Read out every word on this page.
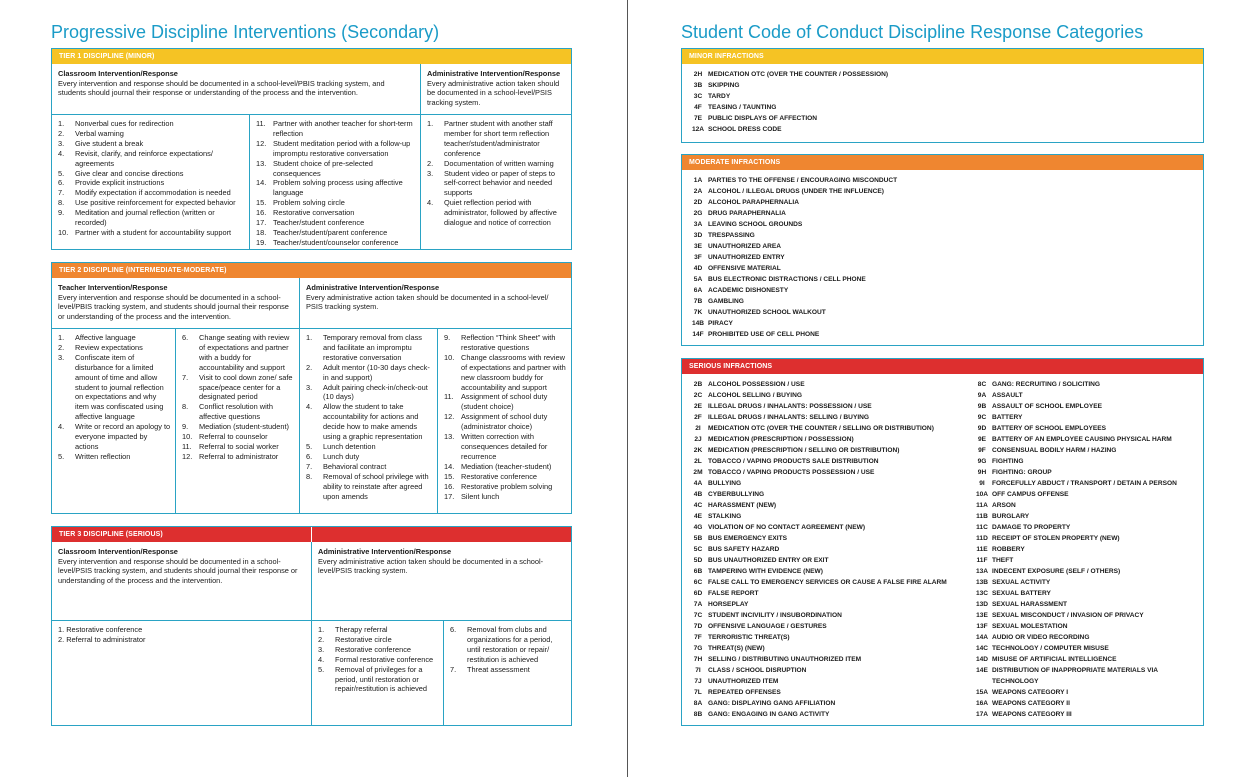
Progressive Discipline Interventions (Secondary)
TIER 1 DISCIPLINE (MINOR)
Classroom Intervention/Response
Every intervention and response should be documented in a school-level/PBIS tracking system, and students should journal their response or understanding of the process and the intervention.
Administrative Intervention/Response
Every administrative action taken should be documented in a school-level/PSIS tracking system.
1.	Nonverbal cues for redirection
2.	Verbal warning
3.	Give student a break
4.	Revisit, clarify, and reinforce expectations/ agreements
5.	Give clear and concise directions
6.	Provide explicit instructions
7.	Modify expectation if accommodation is needed
8.	Use positive reinforcement for expected behavior
9.	Meditation and journal reflection (written or recorded)
10. Partner with a student for accountability support
11. Partner with another teacher for short-term reflection
12. Student meditation period with a follow-up impromptu restorative conversation
13. Student choice of pre-selected consequences
14. Problem solving process using affective language
15. Problem solving circle
16. Restorative conversation
17. Teacher/student conference
18. Teacher/student/parent conference
19. Teacher/student/counselor conference
1.	Partner student with another staff member for short term reflection teacher/student/administrator conference
2.	Documentation of written warning
3.	Student video or paper of steps to self-correct behavior and needed supports
4.	Quiet reflection period with administrator, followed by affective dialogue and notice of correction
TIER 2 DISCIPLINE (INTERMEDIATE-MODERATE)
Teacher Intervention/Response
Every intervention and response should be documented in a school-level/PBIS tracking system, and students should journal their response or understanding of the process and the intervention.
Administrative Intervention/Response
Every administrative action taken should be documented in a school-level/ PSIS tracking system.
1.	Affective language
2.	Review expectations
3.	Confiscate item of disturbance for a limited amount of time and allow student to journal reflection on expectations and why item was confiscated using affective language
4.	Write or record an apology to everyone impacted by actions
5.	Written reflection
6.	Change seating with review of expectations and partner with a buddy for accountability and support
7.	Visit to cool down zone/ safe space/peace center for a designated period
8.	Conflict resolution with affective questions
9.	Mediation (student-student)
10. Referral to counselor
11. Referral to social worker
12. Referral to administrator
1.	Temporary removal from class and facilitate an impromptu restorative conversation
2.	Adult mentor (10-30 days check-in and support)
3.	Adult pairing check-in/check-out (10 days)
4.	Allow the student to take accountability for actions and decide how to make amends using a graphic representation
5.	Lunch detention
6.	Lunch duty
7.	Behavioral contract
8.	Removal of school privilege with ability to reinstate after agreed upon amends
9.	Reflection “Think Sheet” with restorative questions
10. Change classrooms with review of expectations and partner with new classroom buddy for accountability and support
11. Assignment of school duty (student choice)
12. Assignment of school duty (administrator choice)
13. Written correction with consequences detailed for recurrence
14. Mediation (teacher-student)
15. Restorative conference
16. Restorative problem solving
17. Silent lunch
TIER 3 DISCIPLINE (SERIOUS)
Classroom Intervention/Response
Every intervention and response should be documented in a school-level/PSIS tracking system, and students should journal their response or understanding of the process and the intervention.
Administrative Intervention/Response
Every administrative action taken should be documented in a school-level/PSIS tracking system.
1. Restorative conference
2. Referral to administrator
1.	Therapy referral
2.	Restorative circle
3.	Restorative conference
4.	Formal restorative conference
5.	Removal of privileges for a period, until restoration or repair/restitution is achieved
6.	Removal from clubs and organizations for a period, until restoration or repair/ restitution is achieved
7.	Threat assessment
Student Code of Conduct Discipline Response Categories
MINOR INFRACTIONS
2H MEDICATION OTC (OVER THE COUNTER / POSSESSION)
3B SKIPPING
3C TARDY
4F TEASING / TAUNTING
7E PUBLIC DISPLAYS OF AFFECTION
12A SCHOOL DRESS CODE
MODERATE INFRACTIONS
1A PARTIES TO THE OFFENSE / ENCOURAGING MISCONDUCT
2A ALCOHOL / ILLEGAL DRUGS (UNDER THE INFLUENCE)
2D ALCOHOL PARAPHERNALIA
2G DRUG PARAPHERNALIA
3A LEAVING SCHOOL GROUNDS
3D TRESPASSING
3E UNAUTHORIZED AREA
3F UNAUTHORIZED ENTRY
4D OFFENSIVE MATERIAL
5A BUS ELECTRONIC DISTRACTIONS / CELL PHONE
6A ACADEMIC DISHONESTY
7B GAMBLING
7K UNAUTHORIZED SCHOOL WALKOUT
14B PIRACY
14F PROHIBITED USE OF CELL PHONE
SERIOUS INFRACTIONS
2B ALCOHOL POSSESSION / USE
2C ALCOHOL SELLING / BUYING
2E ILLEGAL DRUGS / INHALANTS: POSSESSION / USE
2F ILLEGAL DRUGS / INHALANTS: SELLING / BUYING
2I	MEDICATION OTC (OVER THE COUNTER / SELLING OR DISTRIBUTION)
2J MEDICATION (PRESCRIPTION / POSSESSION)
2K MEDICATION (PRESCRIPTION / SELLING OR DISTRIBUTION)
2L TOBACCO / VAPING PRODUCTS SALE DISTRIBUTION
2M TOBACCO / VAPING PRODUCTS POSSESSION / USE
4A BULLYING
4B CYBERBULLYING
4C HARASSMENT (NEW)
4E STALKING
4G VIOLATION OF NO CONTACT AGREEMENT (NEW)
5B BUS EMERGENCY EXITS
5C BUS SAFETY HAZARD
5D BUS UNAUTHORIZED ENTRY OR EXIT
6B TAMPERING WITH EVIDENCE (NEW)
6C FALSE CALL TO EMERGENCY SERVICES OR CAUSE A FALSE FIRE ALARM
6D FALSE REPORT
7A HORSEPLAY
7C STUDENT INCIVILITY / INSUBORDINATION
7D OFFENSIVE LANGUAGE / GESTURES
7F TERRORISTIC THREAT(S)
7G THREAT(S) (NEW)
7H SELLING / DISTRIBUTING UNAUTHORIZED ITEM
7I	CLASS / SCHOOL DISRUPTION
7J UNAUTHORIZED ITEM
7L REPEATED OFFENSES
8A GANG: DISPLAYING GANG AFFILIATION
8B GANG: ENGAGING IN GANG ACTIVITY
8C GANG: RECRUITING / SOLICITING
9A ASSAULT
9B ASSAULT OF SCHOOL EMPLOYEE
9C BATTERY
9D BATTERY OF SCHOOL EMPLOYEES
9E BATTERY OF AN EMPLOYEE CAUSING PHYSICAL HARM
9F CONSENSUAL BODILY HARM / HAZING
9G FIGHTING
9H FIGHTING: GROUP
9I	FORCEFULLY ABDUCT / TRANSPORT / DETAIN A PERSON
10A OFF CAMPUS OFFENSE
11A ARSON
11B BURGLARY
11C DAMAGE TO PROPERTY
11D RECEIPT OF STOLEN PROPERTY (NEW)
11E ROBBERY
11F THEFT
13A INDECENT EXPOSURE (SELF / OTHERS)
13B SEXUAL ACTIVITY
13C SEXUAL BATTERY
13D SEXUAL HARASSMENT
13E SEXUAL MISCONDUCT / INVASION OF PRIVACY
13F SEXUAL MOLESTATION
14A AUDIO OR VIDEO RECORDING
14C TECHNOLOGY / COMPUTER MISUSE
14D MISUSE OF ARTIFICIAL INTELLIGENCE
14E DISTRIBUTION OF INAPPROPRIATE MATERIALS VIA TECHNOLOGY
15A WEAPONS CATEGORY I
16A WEAPONS CATEGORY II
17A WEAPONS CATEGORY III
